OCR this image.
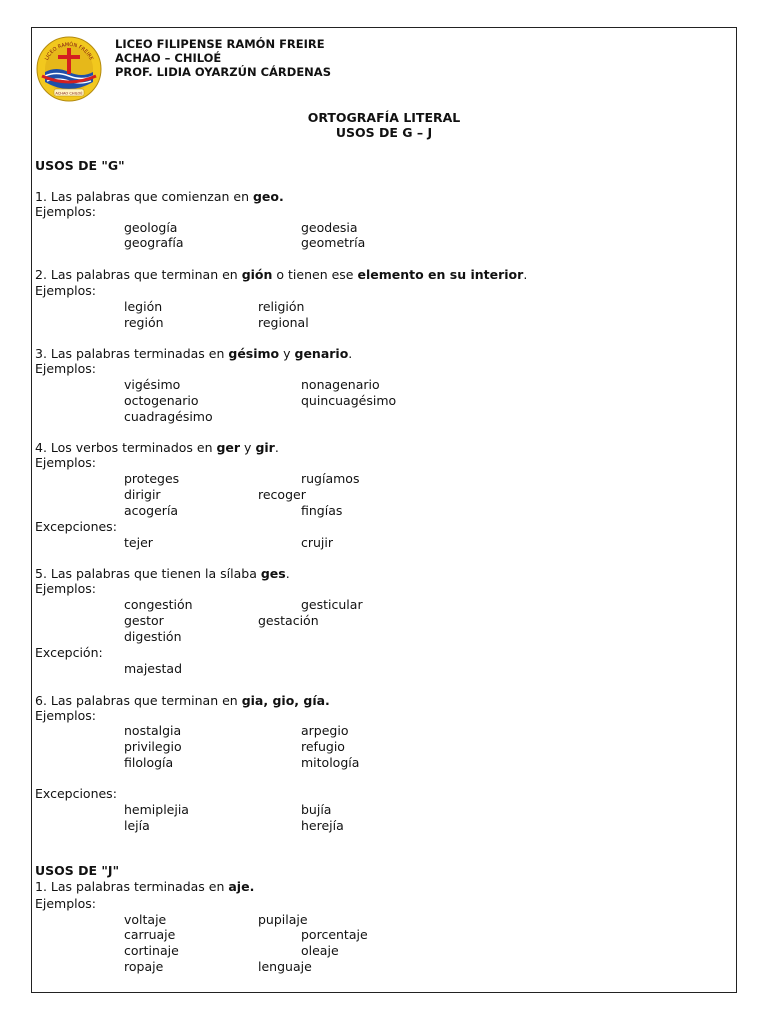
LICEO RAMÓN FREIRE
ACHAO CHILOÉ
LICEO FILIPENSE RAMÓN FREIRE
ACHAO – CHILOÉ
PROF. LIDIA OYARZÚN CÁRDENAS
ORTOGRAFÍA LITERAL
USOS DE G – J
USOS DE "G"
1. Las palabras que comienzan en geo.
Ejemplos:
geología	geodesia
geografía	geometría
2. Las palabras que terminan en gión o tienen ese elemento en su interior.
Ejemplos:
legión	religión
región	regional
3. Las palabras terminadas en gésimo y genario.
Ejemplos:
vigésimo	nonagenario
octogenario	quincuagésimo
cuadragésimo
4. Los verbos terminados en ger y gir.
Ejemplos:
proteges	rugíamos
dirigir	recoger
acogería	fingías
Excepciones:
tejer	crujir
5. Las palabras que tienen la sílaba ges.
Ejemplos:
congestión	gesticular
gestor	gestación
digestión
Excepción:
majestad
6. Las palabras que terminan en gia, gio, gía.
Ejemplos:
nostalgia	arpegio
privilegio	refugio
filología	mitología
Excepciones:
hemiplejia	bujía
lejía	herejía
USOS DE "J"
1. Las palabras terminadas en aje.
Ejemplos:
voltaje	pupilaje
carruaje	porcentaje
cortinaje	oleaje
ropaje	lenguaje
